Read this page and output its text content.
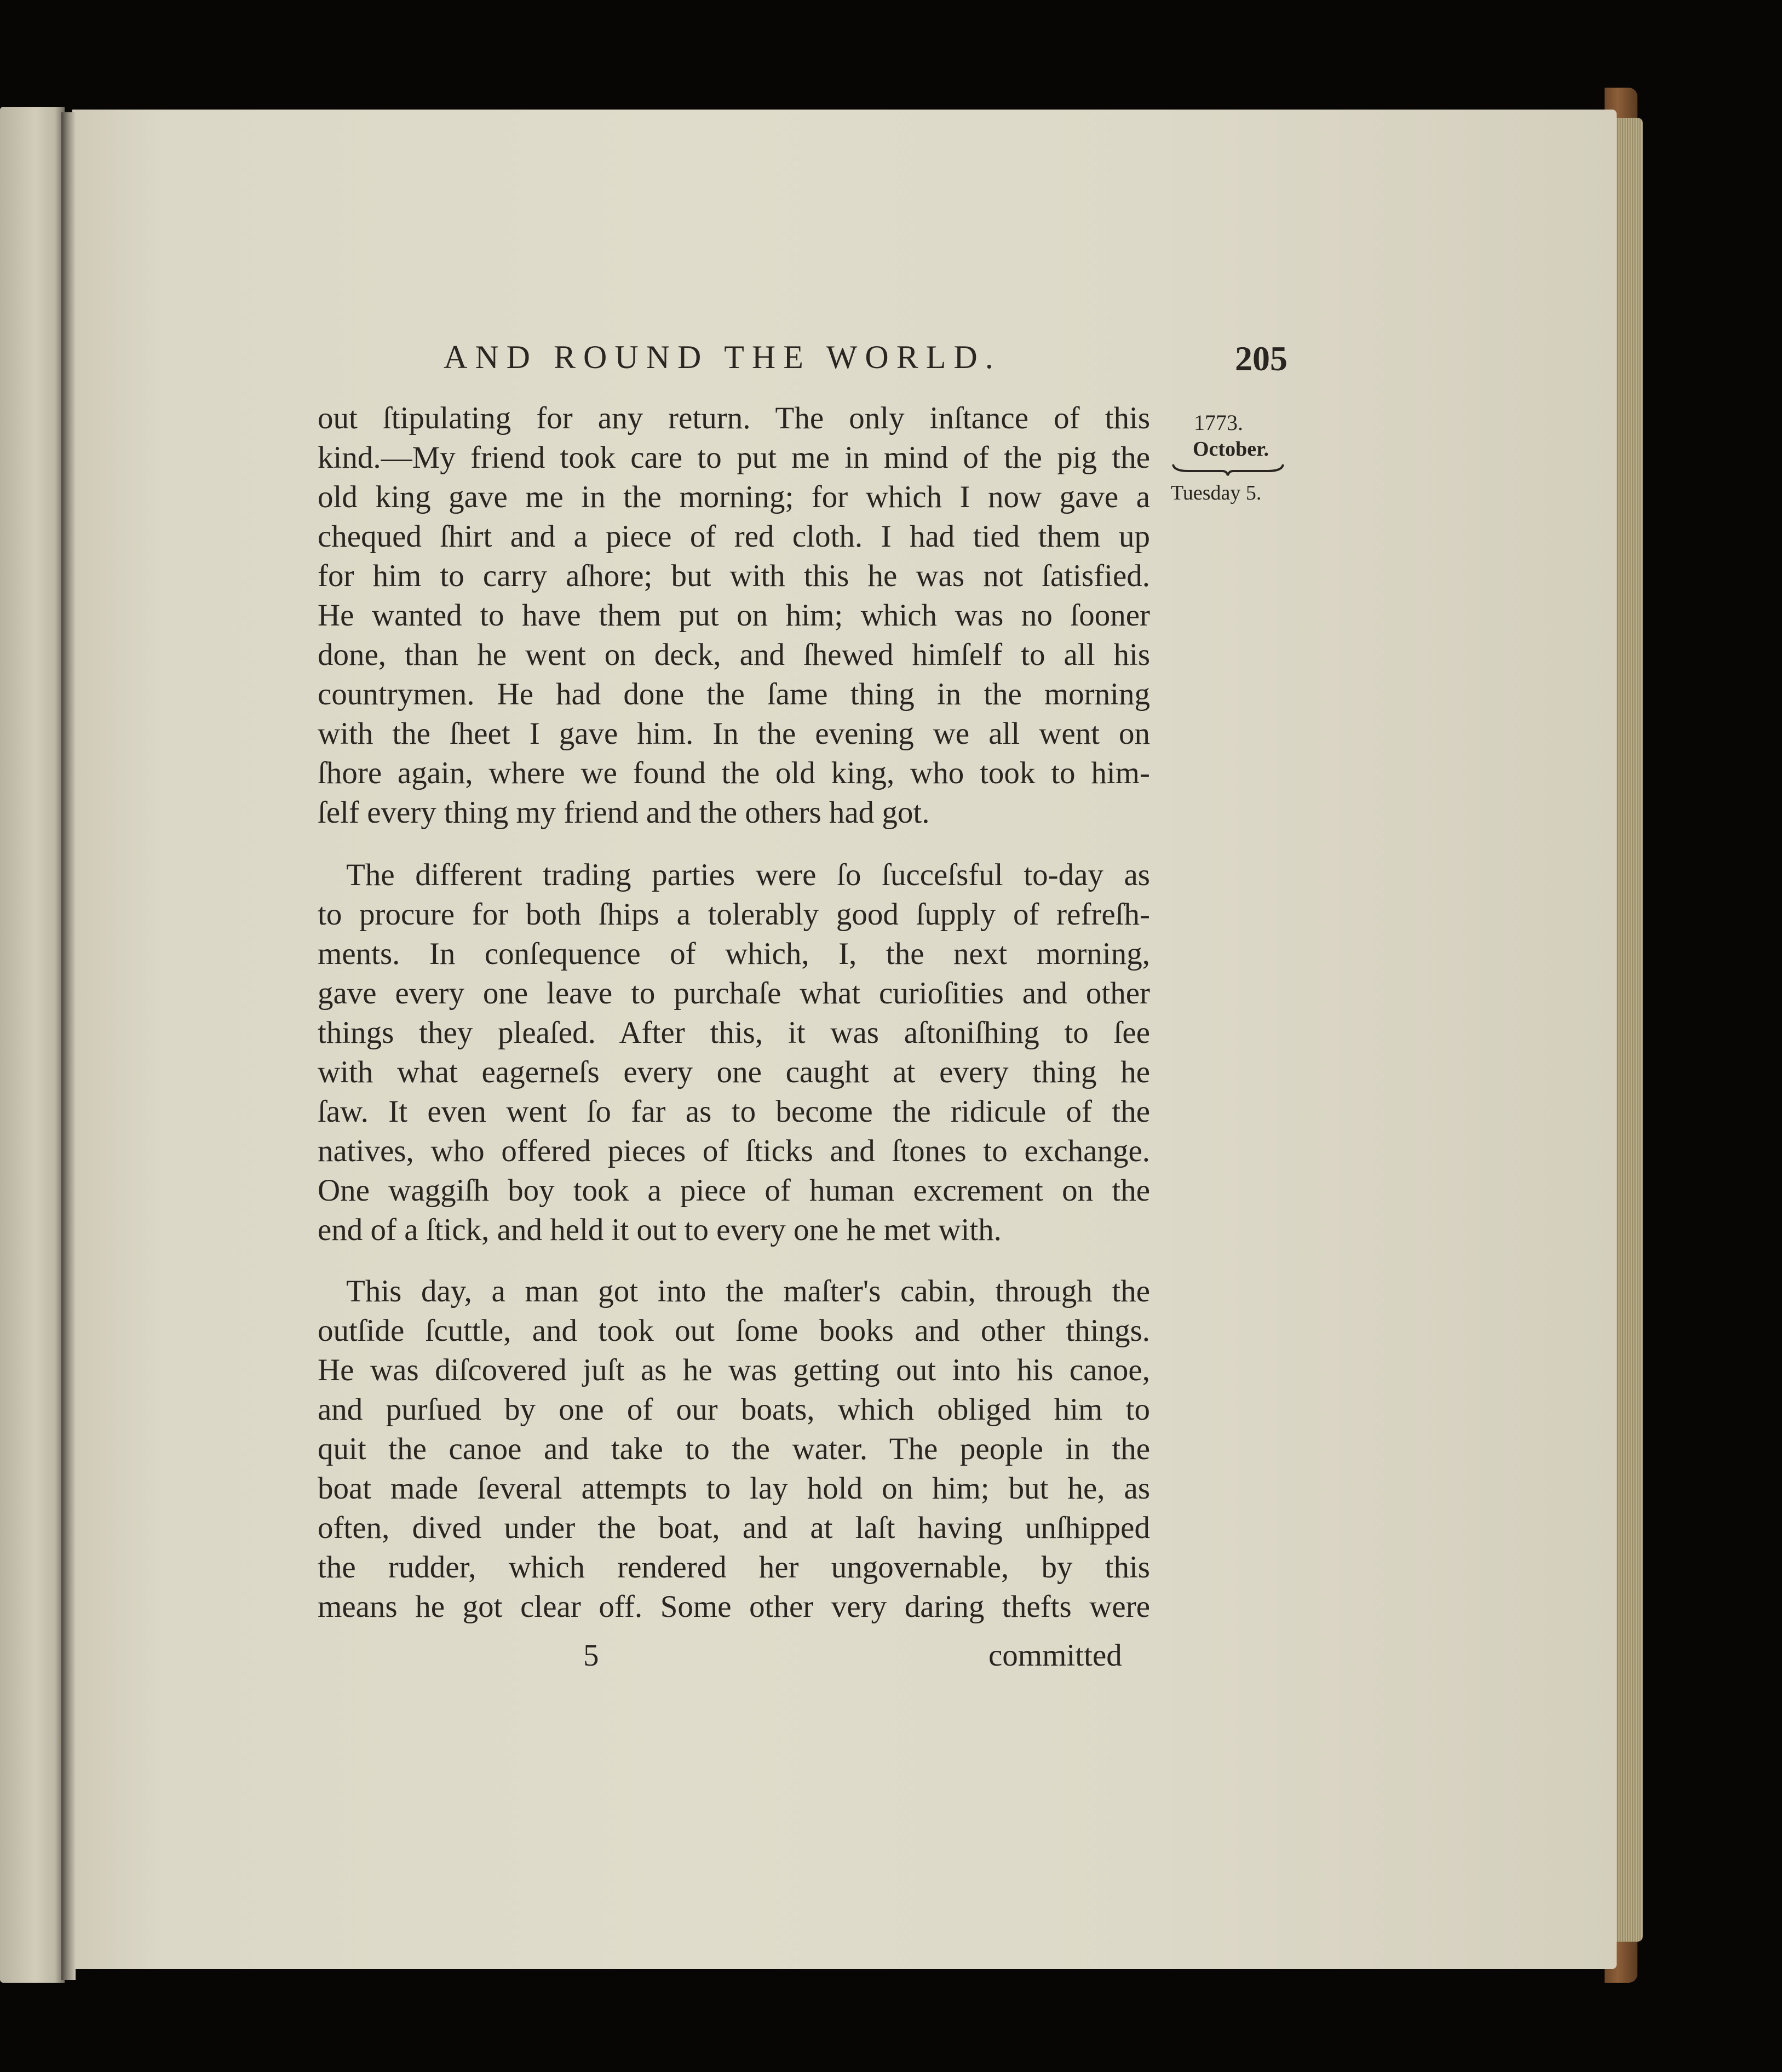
AND ROUND THE WORLD.	205
1773.
October.
Tuesday 5.
out ſtipulating for any return. The only inſtance of this
kind.—My friend took care to put me in mind of the pig the
old king gave me in the morning; for which I now gave a
chequed ſhirt and a piece of red cloth. I had tied them up
for him to carry aſhore; but with this he was not ſatisfied.
He wanted to have them put on him; which was no ſooner
done, than he went on deck, and ſhewed himſelf to all his
countrymen. He had done the ſame thing in the morning
with the ſheet I gave him. In the evening we all went on
ſhore again, where we found the old king, who took to him-
ſelf every thing my friend and the others had got.
The different trading parties were ſo ſucceſsful to-day as
to procure for both ſhips a tolerably good ſupply of refreſh-
ments. In conſequence of which, I, the next morning,
gave every one leave to purchaſe what curioſities and other
things they pleaſed. After this, it was aſtoniſhing to ſee
with what eagerneſs every one caught at every thing he
ſaw. It even went ſo far as to become the ridicule of the
natives, who offered pieces of ſticks and ſtones to exchange.
One waggiſh boy took a piece of human excrement on the
end of a ſtick, and held it out to every one he met with.
This day, a man got into the maſter's cabin, through the
outſide ſcuttle, and took out ſome books and other things.
He was diſcovered juſt as he was getting out into his canoe,
and purſued by one of our boats, which obliged him to
quit the canoe and take to the water. The people in the
boat made ſeveral attempts to lay hold on him; but he, as
often, dived under the boat, and at laſt having unſhipped
the rudder, which rendered her ungovernable, by this
means he got clear off. Some other very daring thefts were
5	committed
